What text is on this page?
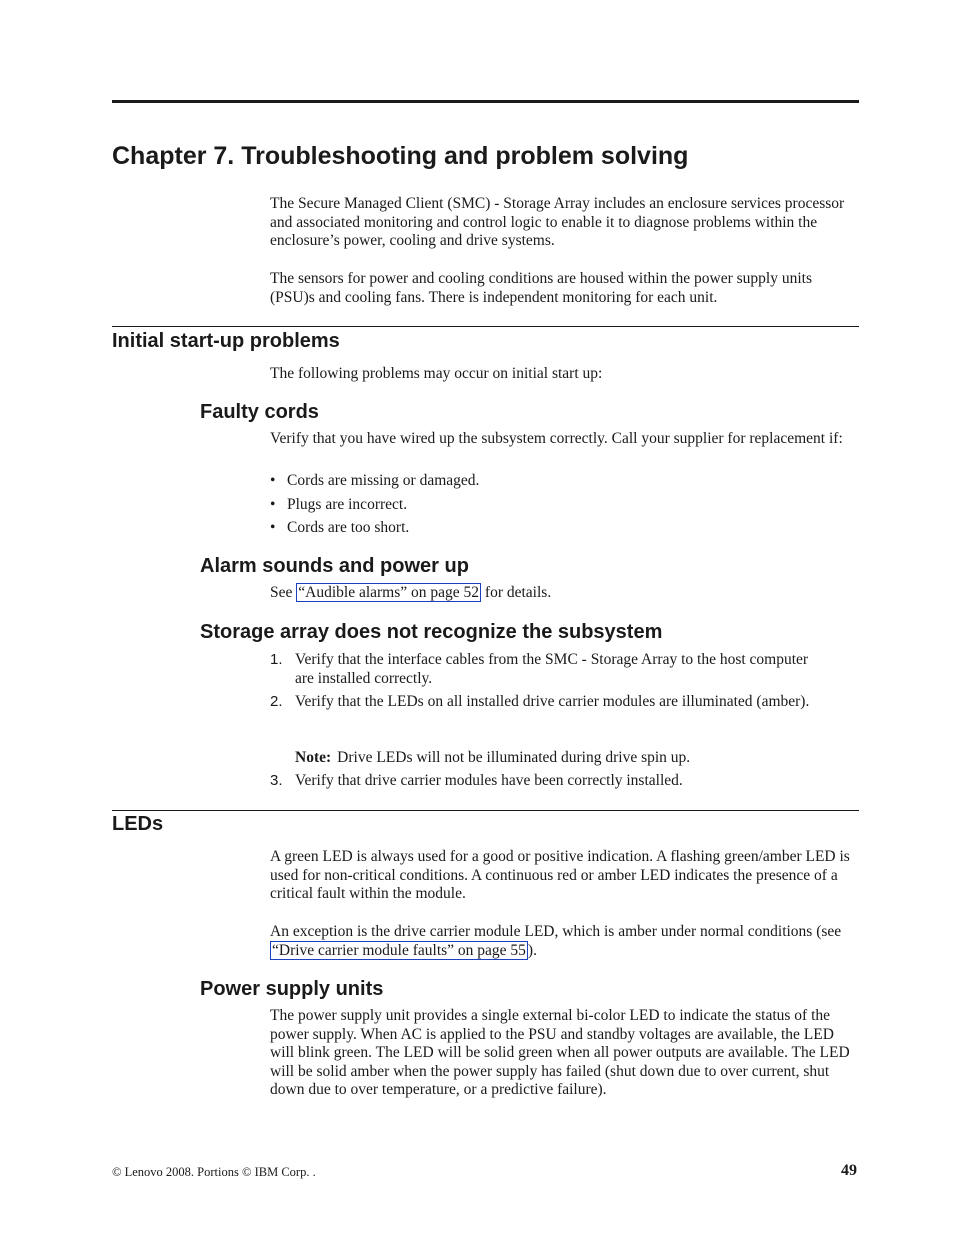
Chapter 7. Troubleshooting and problem solving

The Secure Managed Client (SMC) - Storage Array includes an enclosure services processor and associated monitoring and control logic to enable it to diagnose problems within the enclosure’s power, cooling and drive systems.

The sensors for power and cooling conditions are housed within the power supply units (PSU)s and cooling fans. There is independent monitoring for each unit.

Initial start-up problems

The following problems may occur on initial start up:

Faulty cords

Verify that you have wired up the subsystem correctly. Call your supplier for replacement if:

• Cords are missing or damaged.
• Plugs are incorrect.
• Cords are too short.
Alarm sounds and power up

See “Audible alarms” on page 52 for details.

Storage array does not recognize the subsystem
1. Verify that the interface cables from the SMC - Storage Array to the host computer are installed correctly.
2. Verify that the LEDs on all installed drive carrier modules are illuminated (amber).
Note: Drive LEDs will not be illuminated during drive spin up.
3. Verify that drive carrier modules have been correctly installed.
LEDs

A green LED is always used for a good or positive indication. A flashing green/amber LED is used for non-critical conditions. A continuous red or amber LED indicates the presence of a critical fault within the module.

An exception is the drive carrier module LED, which is amber under normal conditions (see “Drive carrier module faults” on page 55 ).

Power supply units

The power supply unit provides a single external bi-color LED to indicate the status of the power supply. When AC is applied to the PSU and standby voltages are available, the LED will blink green. The LED will be solid green when all power outputs are available. The LED will be solid amber when the power supply has failed (shut down due to over current, shut down due to over temperature, or a predictive failure).

© Lenovo 2008. Portions © IBM Corp. .	49
